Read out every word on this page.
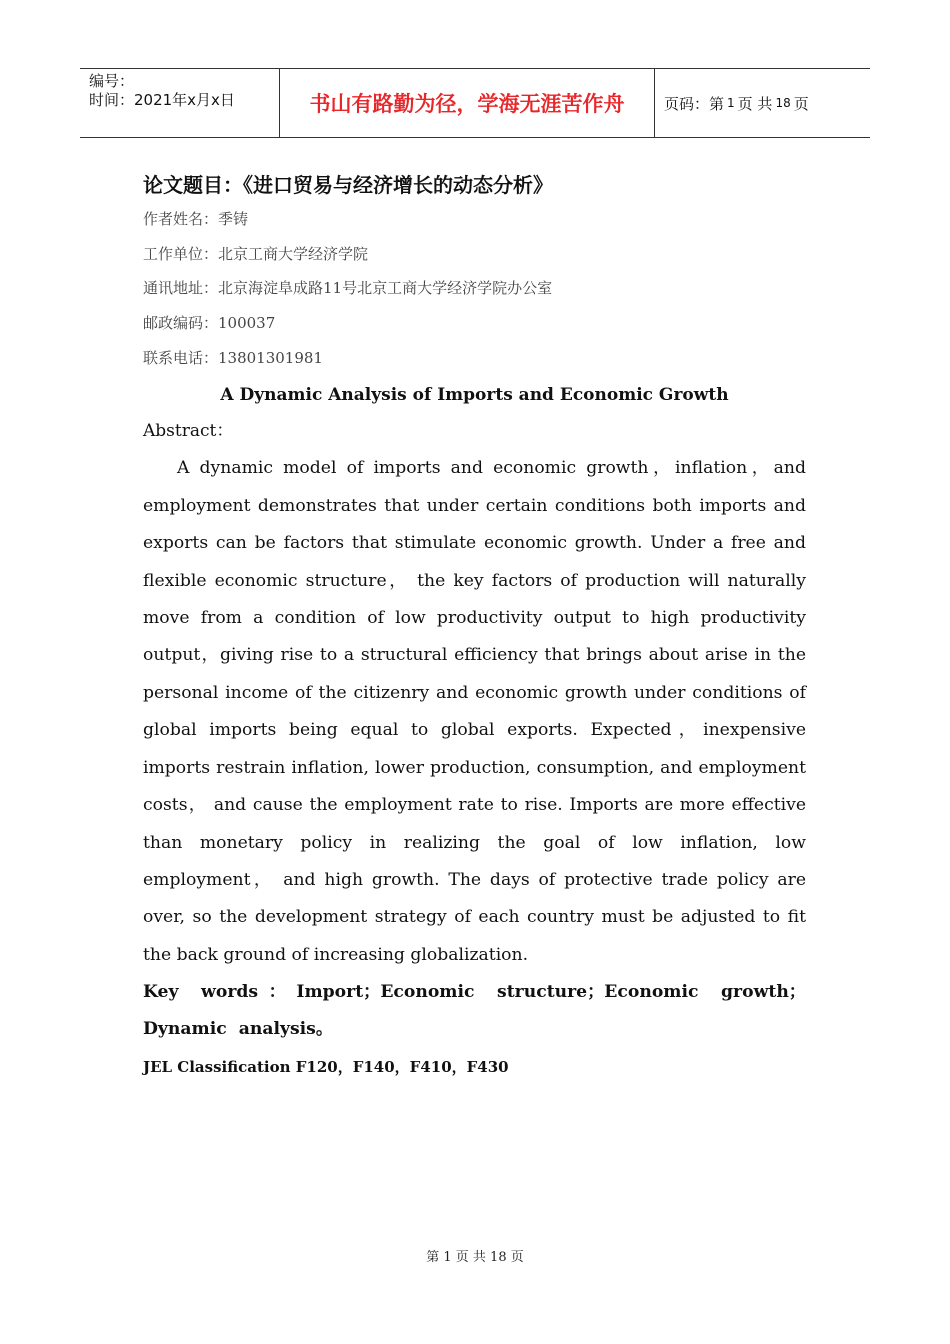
编号：
时间：2021年x月x日	书山有路勤为径，学海无涯苦作舟	页码：第 1 页 共 18 页
论文题目：《进口贸易与经济增长的动态分析》
作者姓名：季铸
工作单位：北京工商大学经济学院
通讯地址：北京海淀阜成路11号北京工商大学经济学院办公室
邮政编码：100037
联系电话：13801301981
A Dynamic Analysis of Imports and Economic Growth
Abstract：

A dynamic model of imports and economic growth，inflation，and employment demonstrates that under certain conditions both imports and exports can be factors that stimulate economic growth. Under a free and flexible economic structure， the key factors of production will naturally move from a condition of low productivity output to high productivity output，giving rise to a structural efficiency that brings about arise in the personal income of the citizenry and economic growth under conditions of global imports being equal to global exports. Expected，inexpensive imports restrain inflation, lower production, consumption, and employment costs， and cause the employment rate to rise. Imports are more effective than monetary policy in realizing the goal of low inflation, low employment， and high growth. The days of protective trade policy are over, so the development strategy of each country must be adjusted to fit the back ground of increasing globalization.

Key words：Import；Economic structure；Economic growth；Dynamic analysis。

JEL Classification F120，F140，F410，F430

第 1 页 共 18 页
